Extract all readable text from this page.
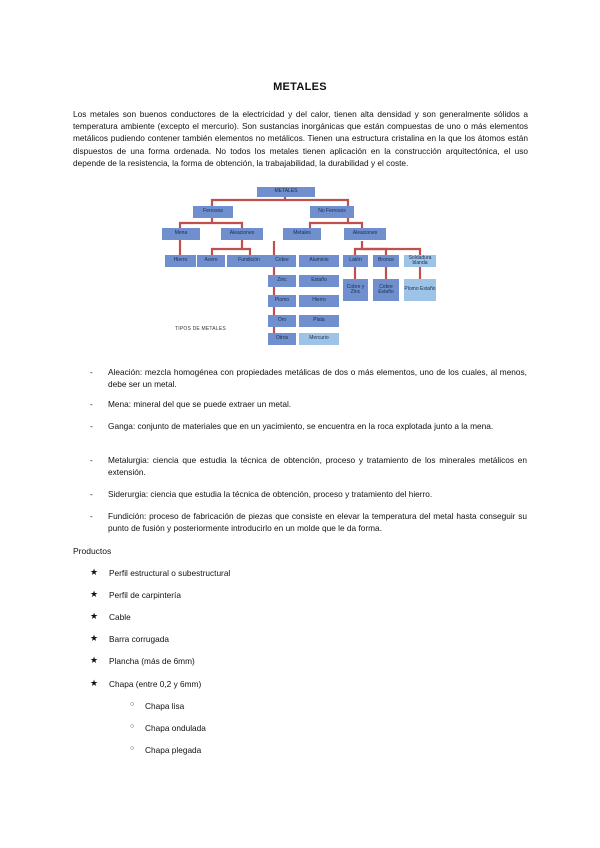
METALES
Los metales son buenos conductores de la electricidad y del calor, tienen alta densidad y son generalmente sólidos a temperatura ambiente (excepto el mercurio). Son sustancias inorgánicas que están compuestas de uno o más elementos metálicos pudiendo contener también elementos no metálicos. Tienen una estructura cristalina en la que los átomos están dispuestos de una forma ordenada. No todos los metales tienen aplicación en la construcción arquitectónica, el uso depende de la resistencia, la forma de obtención, la trabajabilidad, la durabilidad y el coste.
METALES
Ferrosos	No Ferrosos
Mena	Aleaciones
Hierro	Acero	Fundición
Metales	Aleaciones
Cobre	Aluminio
Zinc	Estaño
Plomo	Hierro
Oro	Plata
Otros	Mercurio
Latón	Bronce	Soldadura blanda
Cobre y Zinc
Cobre Estaño	Plomo Estaño
TIPOS DE METALES
- Aleación: mezcla homogénea con propiedades metálicas de dos o más elementos, uno de los cuales, al menos, debe ser un metal.
- Mena: mineral del que se puede extraer un metal.
- Ganga: conjunto de materiales que en un yacimiento, se encuentra en la roca explotada junto a la mena.
- Metalurgia: ciencia que estudia la técnica de obtención, proceso y tratamiento de los minerales metálicos en extensión.
- Siderurgia: ciencia que estudia la técnica de obtención, proceso y tratamiento del hierro.
- Fundición: proceso de fabricación de piezas que consiste en elevar la temperatura del metal hasta conseguir su punto de fusión y posteriormente introducirlo en un molde que le da forma.
Productos
★ Perfil estructural o subestructural
★ Perfil de carpintería
★ Cable
★ Barra corrugada
★ Plancha (más de 6mm)
★ Chapa (entre 0,2 y 6mm)
○ Chapa lisa
○ Chapa ondulada
○ Chapa plegada
